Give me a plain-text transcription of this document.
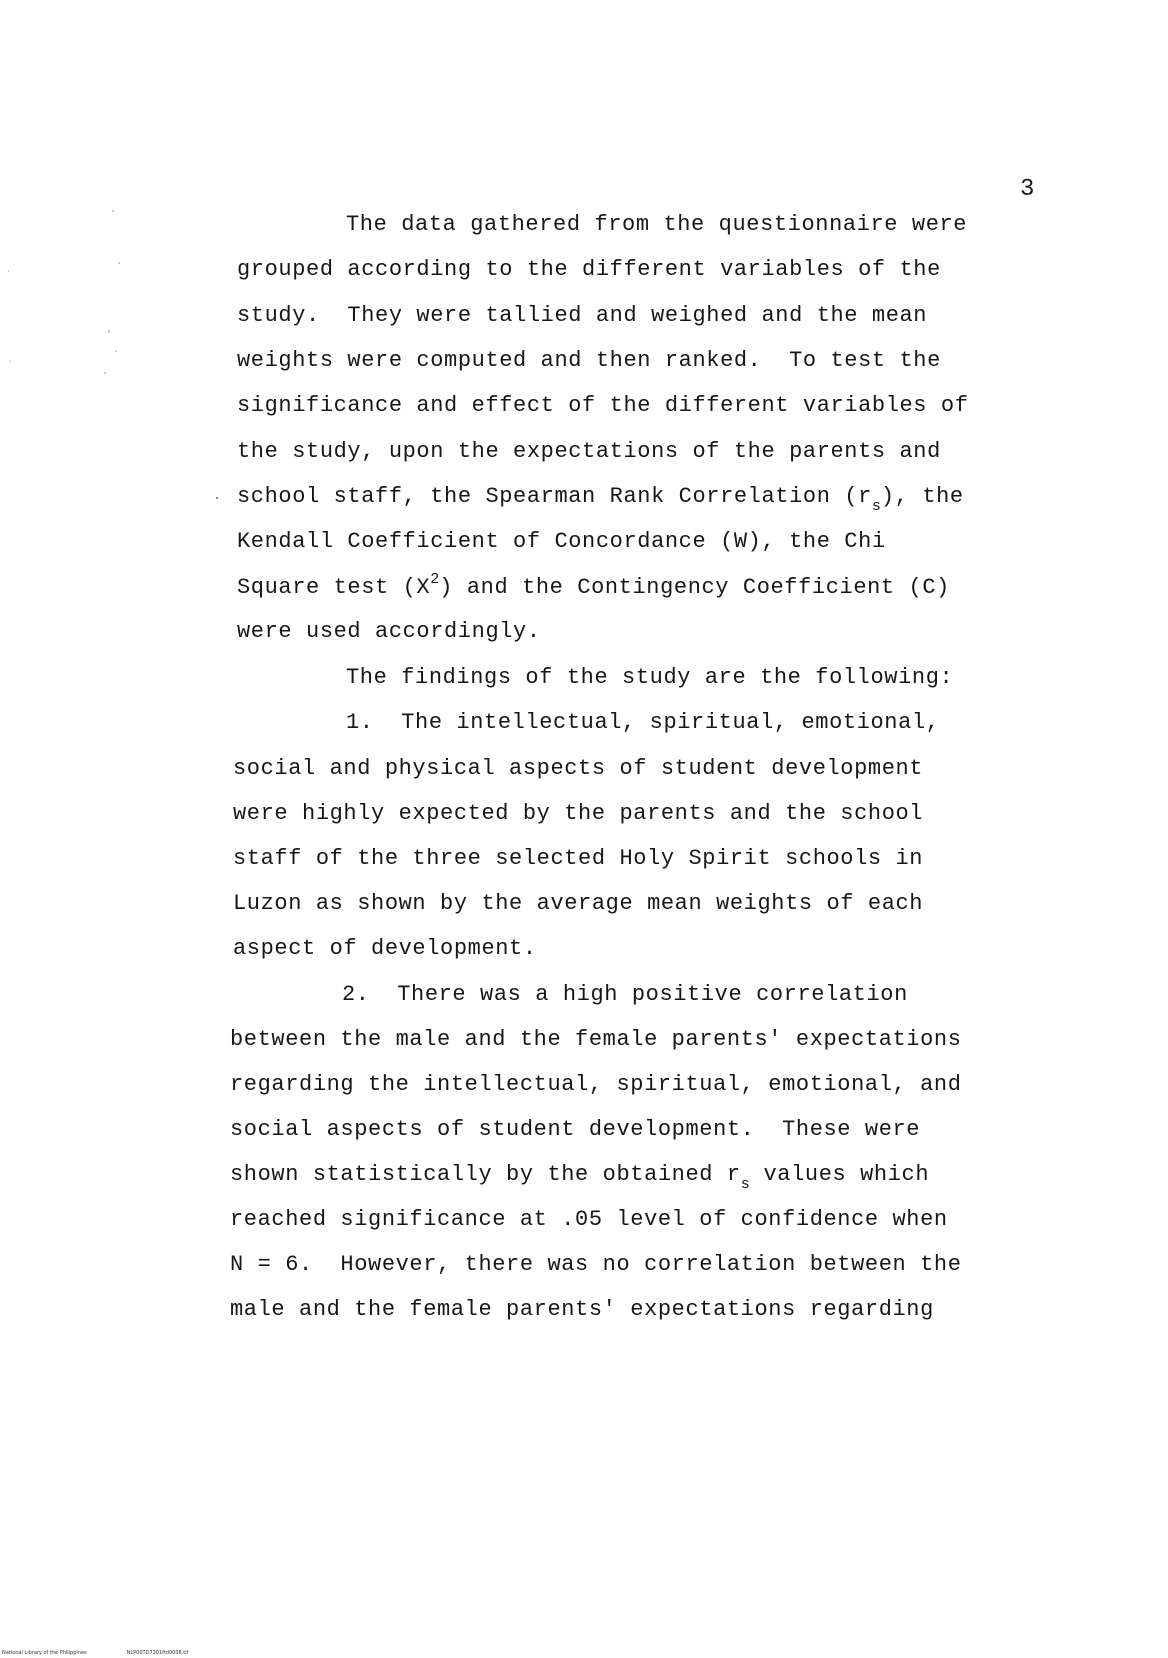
3
The data gathered from the questionnaire were
grouped according to the different variables of the
study.  They were tallied and weighed and the mean
weights were computed and then ranked.  To test the
significance and effect of the different variables of
the study, upon the expectations of the parents and
school staff, the Spearman Rank Correlation $(r_s)$, the
Kendall Coefficient of Concordance (W), the Chi
Square test $(X^2)$ and the Contingency Coefficient (C)
were used accordingly.
The findings of the study are the following:
1.  The intellectual, spiritual, emotional,
social and physical aspects of student development
were highly expected by the parents and the school
staff of the three selected Holy Spirit schools in
Luzon as shown by the average mean weights of each
aspect of development.
2.  There was a high positive correlation
between the male and the female parents' expectations
regarding the intellectual, spiritual, emotional, and
social aspects of student development.  These were
shown statistically by the obtained $r_s$ values which
reached significance at .05 level of confidence when
N = 6.  However, there was no correlation between the
male and the female parents' expectations regarding
National Library of the Philippines	NLP00TD7301ftd0008.tif
